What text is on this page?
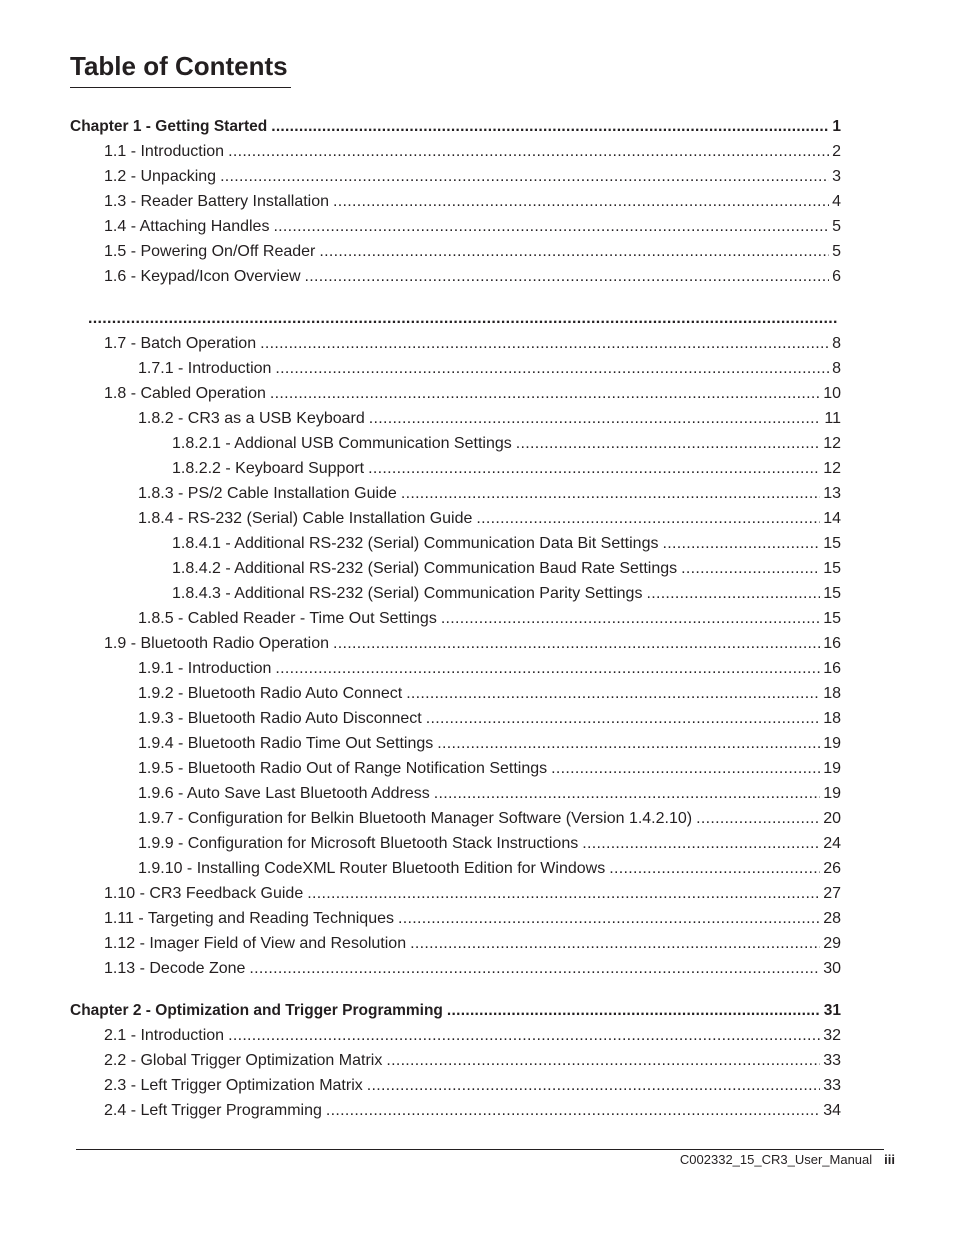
Table of Contents
Chapter 1 - Getting Started .....	1
1.1 - Introduction .....	2
1.2 - Unpacking .....	3
1.3 - Reader Battery Installation .....	4
1.4 - Attaching Handles .....	5
1.5 - Powering On/Off Reader .....	5
1.6 - Keypad/Icon Overview .....	6
.....
1.7 - Batch Operation .....	8
1.7.1 - Introduction .....	8
1.8 - Cabled Operation .....	10
1.8.2 - CR3 as a USB Keyboard .....	11
1.8.2.1 - Addional USB Communication Settings .....	12
1.8.2.2 - Keyboard Support .....	12
1.8.3 - PS/2 Cable Installation Guide .....	13
1.8.4 - RS-232 (Serial) Cable Installation Guide .....	14
1.8.4.1 - Additional RS-232 (Serial) Communication Data Bit Settings .....	15
1.8.4.2 - Additional RS-232 (Serial) Communication Baud Rate Settings .....	15
1.8.4.3 - Additional RS-232 (Serial) Communication Parity Settings .....	15
1.8.5 - Cabled Reader - Time Out Settings .....	15
1.9 - Bluetooth Radio Operation .....	16
1.9.1 - Introduction .....	16
1.9.2 - Bluetooth Radio Auto Connect .....	18
1.9.3 - Bluetooth Radio Auto Disconnect .....	18
1.9.4 - Bluetooth Radio Time Out Settings .....	19
1.9.5 - Bluetooth Radio Out of Range Notification Settings .....	19
1.9.6 - Auto Save Last Bluetooth Address .....	19
1.9.7 - Configuration for Belkin Bluetooth Manager Software (Version 1.4.2.10) .....	20
1.9.9 - Configuration for Microsoft Bluetooth Stack Instructions .....	24
1.9.10 - Installing CodeXML Router Bluetooth Edition for Windows .....	26
1.10 - CR3 Feedback Guide .....	27
1.11 - Targeting and Reading Techniques .....	28
1.12 - Imager Field of View and Resolution .....	29
1.13 - Decode Zone .....	30
Chapter 2 - Optimization and Trigger Programming .....	31
2.1 - Introduction .....	32
2.2 - Global Trigger Optimization Matrix .....	33
2.3 - Left Trigger Optimization Matrix .....	33
2.4 - Left Trigger Programming .....	34
C002332_15_CR3_User_Manual iii
